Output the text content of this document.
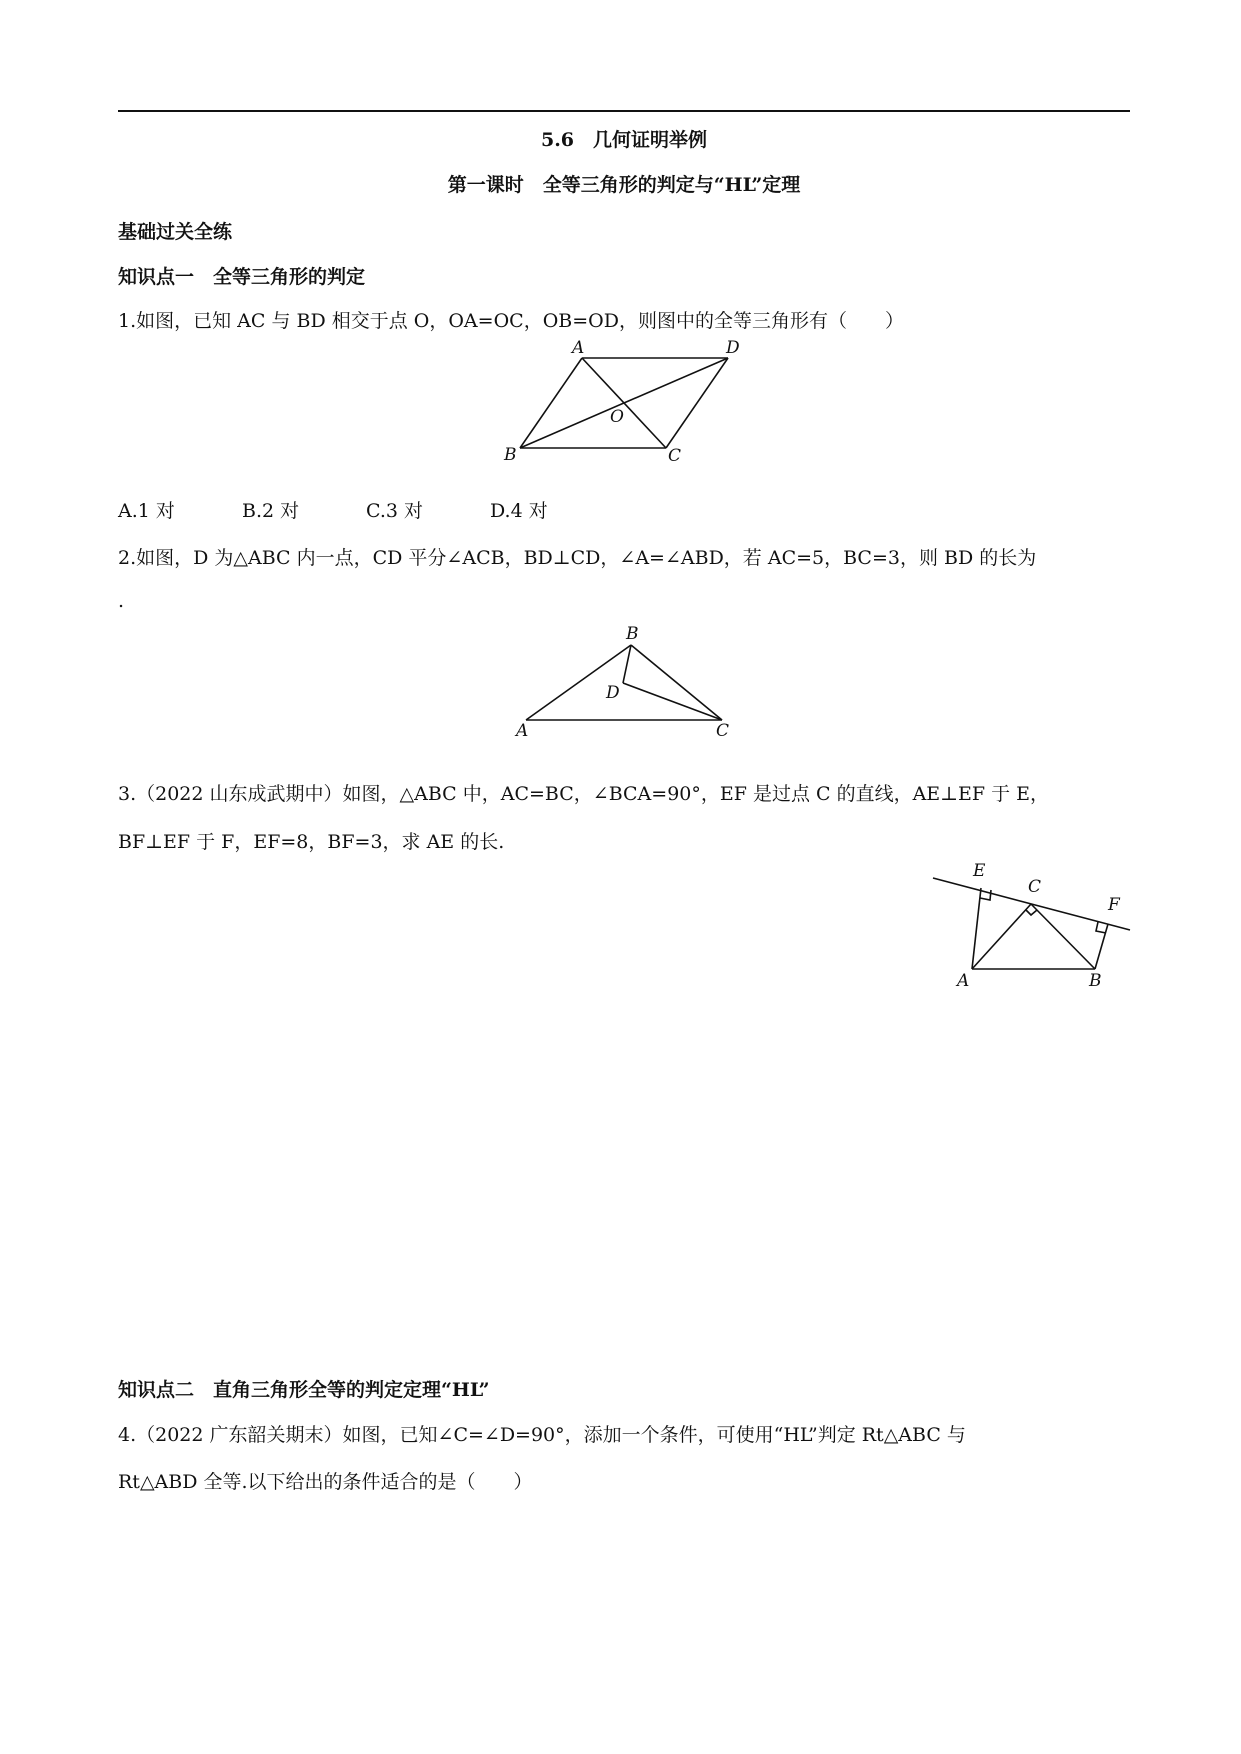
5.6　几何证明举例
第一课时　全等三角形的判定与“HL”定理
基础过关全练
知识点一　全等三角形的判定
1.如图，已知 AC 与 BD 相交于点 O，OA=OC，OB=OD，则图中的全等三角形有（　　）
A	D
O
B	C
A.1 对	B.2 对	C.3 对	D.4 对
2.如图，D 为△ABC 内一点，CD 平分∠ACB，BD⊥CD，∠A=∠ABD，若 AC=5，BC=3，则 BD 的长为
.
B
D
A	C
3.（2022 山东成武期中）如图，△ABC 中，AC=BC，∠BCA=90°，EF 是过点 C 的直线，AE⊥EF 于 E，
BF⊥EF 于 F，EF=8，BF=3，求 AE 的长.
E
C
F
A	B
知识点二　直角三角形全等的判定定理“HL”
4.（2022 广东韶关期末）如图，已知∠C=∠D=90°，添加一个条件，可使用“HL”判定 Rt△ABC 与
Rt△ABD 全等.以下给出的条件适合的是（　　）
